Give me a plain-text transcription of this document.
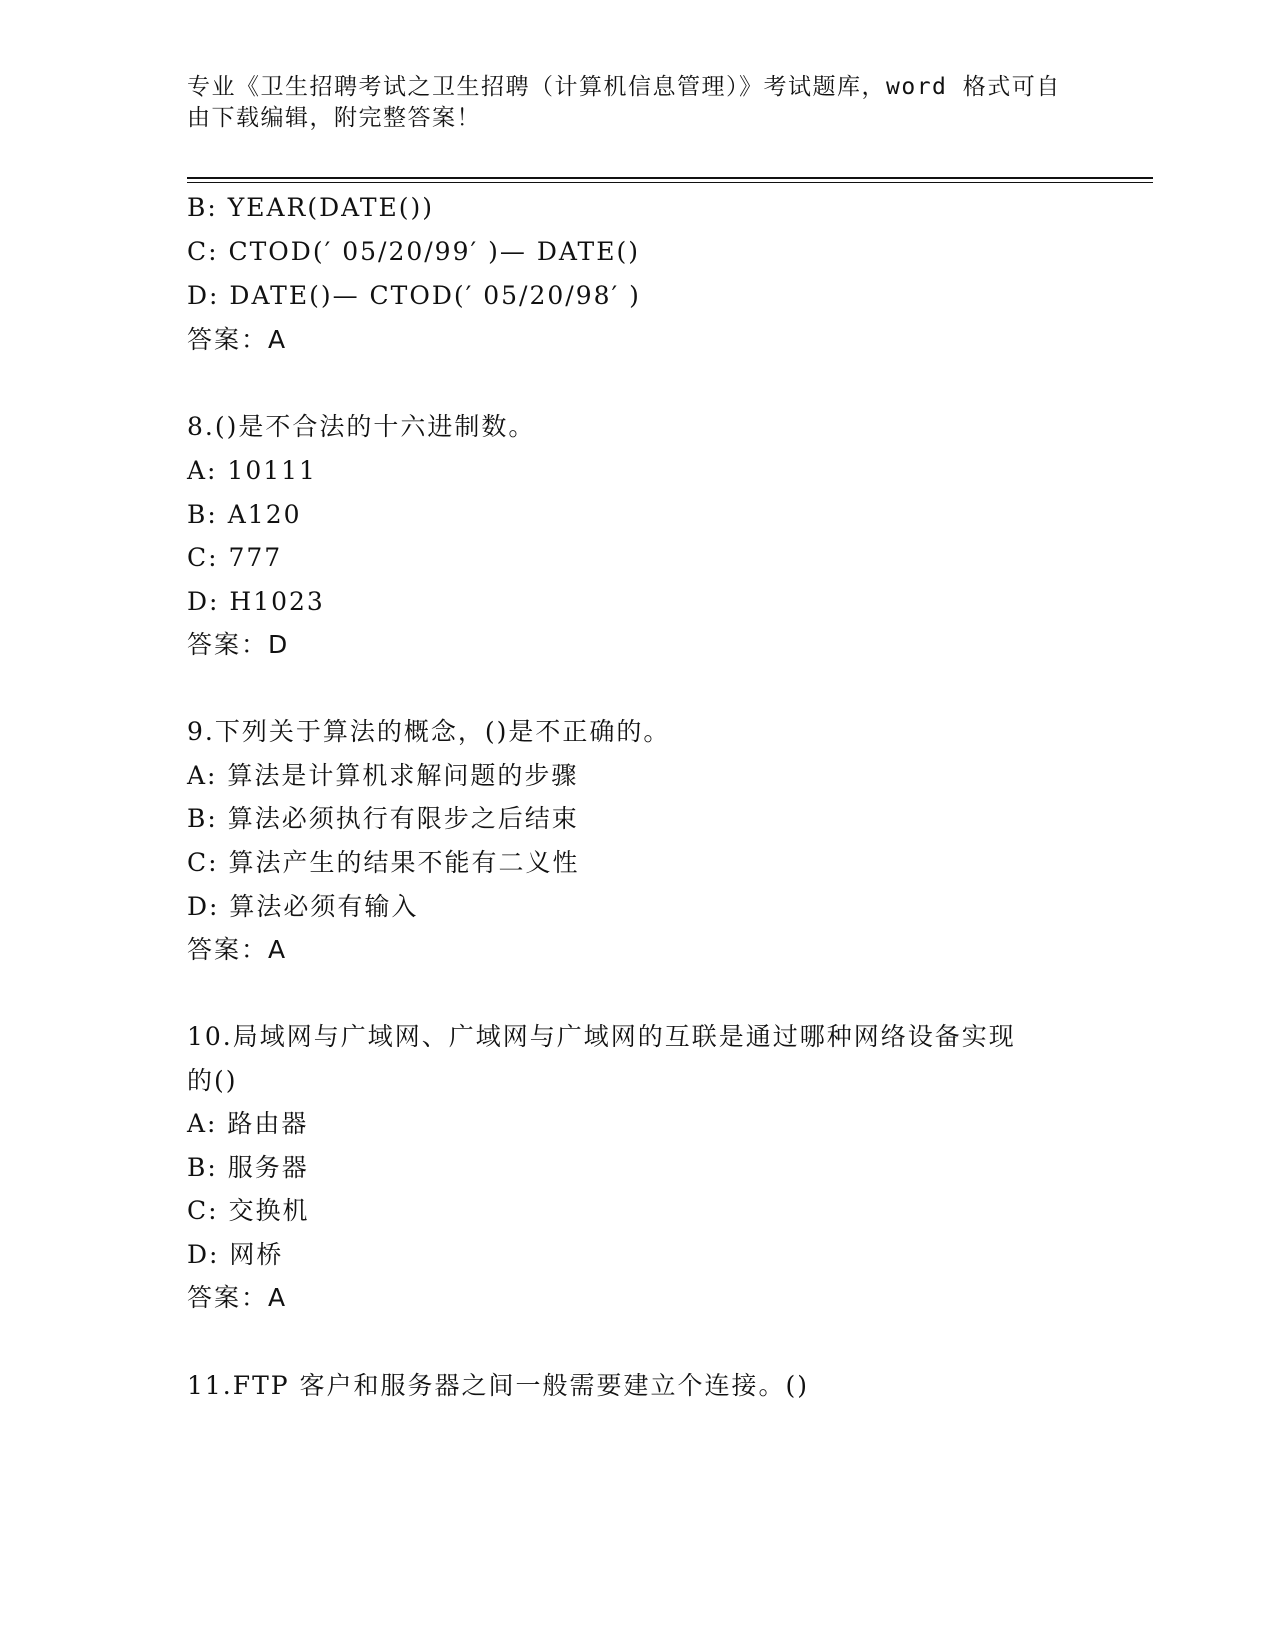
专业《卫生招聘考试之卫生招聘（计算机信息管理）》考试题库，word 格式可自
由下载编辑，附完整答案！
B: YEAR(DATE())
C: CTOD(′ 05/20/99′ )— DATE()
D: DATE()— CTOD(′ 05/20/98′ )
答案：A
8.()是不合法的十六进制数。
A: 10111
B: A120
C: 777
D: H1023
答案：D
9.下列关于算法的概念，()是不正确的。
A: 算法是计算机求解问题的步骤
B: 算法必须执行有限步之后结束
C: 算法产生的结果不能有二义性
D: 算法必须有输入
答案：A
10.局域网与广域网、广域网与广域网的互联是通过哪种网络设备实现
的()
A: 路由器
B: 服务器
C: 交换机
D: 网桥
答案：A
11.FTP 客户和服务器之间一般需要建立个连接。()
